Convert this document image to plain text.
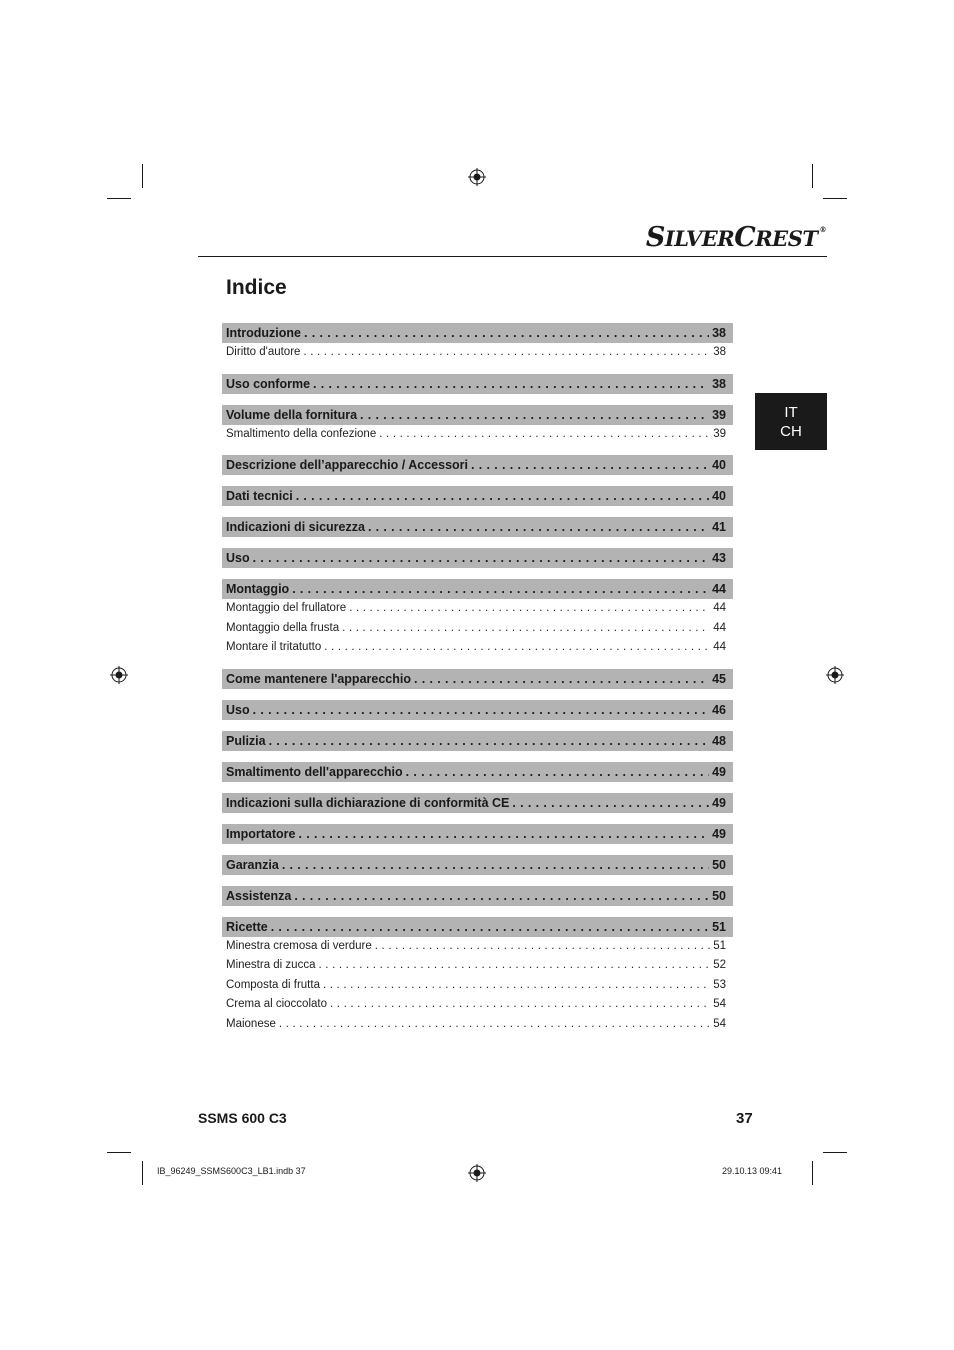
S ILVER C REST ®
Indice
IT
CH
Introduzione . . .	38
Diritto d'autore . . .	38
Uso conforme . . .	38
Volume della fornitura . . .	39
Smaltimento della confezione . . .	39
Descrizione dell’apparecchio / Accessori . . .	40
Dati tecnici . . .	40
Indicazioni di sicurezza . . .	41
Uso . . .	43
Montaggio . . .	44
Montaggio del frullatore . . .	44
Montaggio della frusta . . .	44
Montare il tritatutto . . .	44
Come mantenere l'apparecchio . . .	45
Uso . . .	46
Pulizia . . .	48
Smaltimento dell'apparecchio . . .	49
Indicazioni sulla dichiarazione di conformità CE . . .	49
Importatore . . .	49
Garanzia . . .	50
Assistenza . . .	50
Ricette . . .	51
Minestra cremosa di verdure . . .	51
Minestra di zucca . . .	52
Composta di frutta . . .	53
Crema al cioccolato . . .	54
Maionese . . .	54
SSMS 600 C3	37
IB_96249_SSMS600C3_LB1.indb 37	29.10.13 09:41
